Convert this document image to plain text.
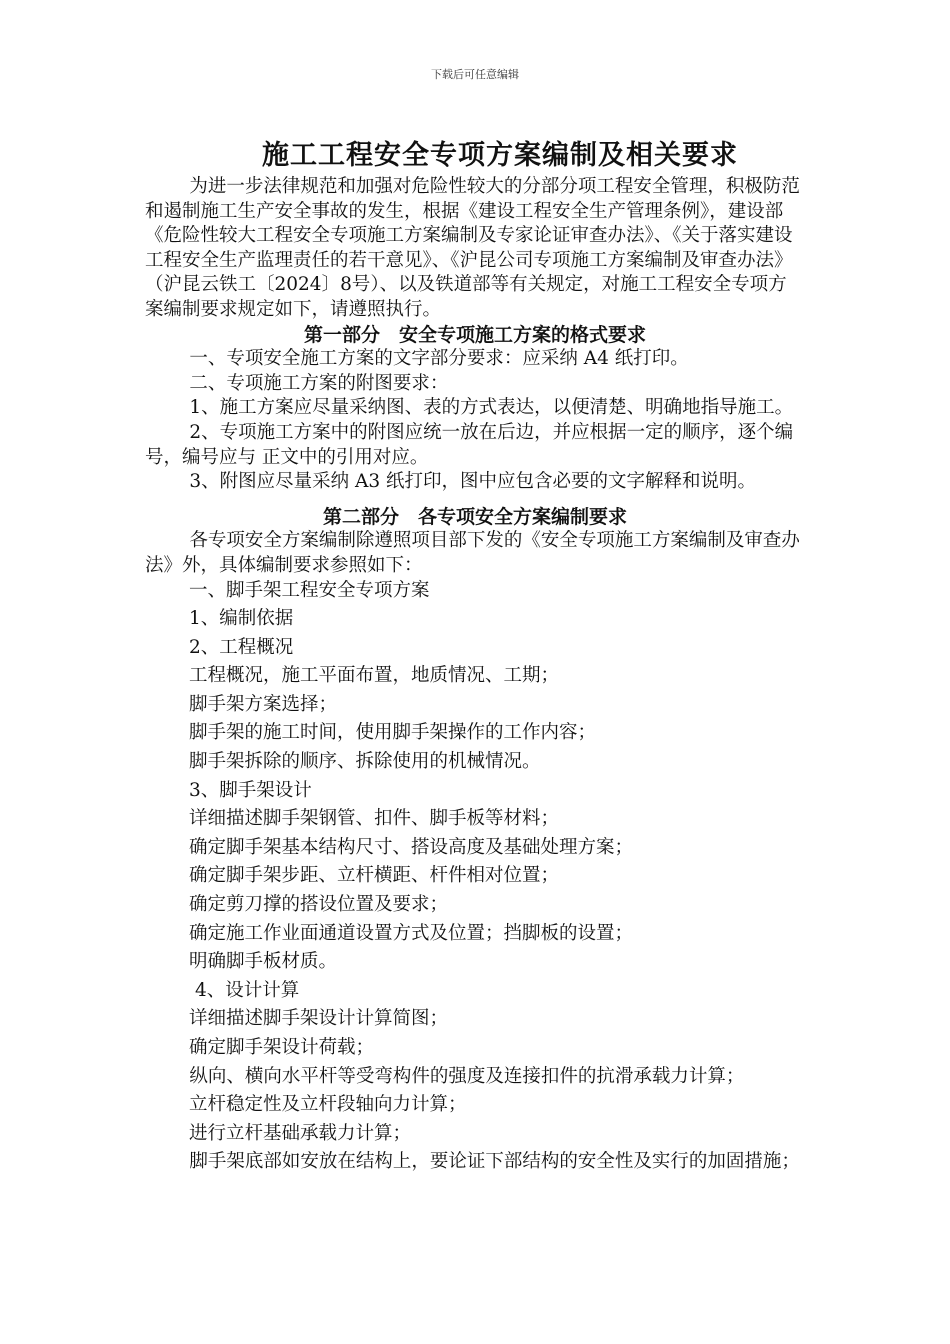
下载后可任意编辑
施工工程安全专项方案编制及相关要求

为进一步法律规范和加强对危险性较大的分部分项工程安全管理，积极防范和遏制施工生产安全事故的发生，根据《建设工程安全生产管理条例》，建设部《危险性较大工程安全专项施工方案编制及专家论证审查办法》、《关于落实建设工程安全生产监理责任的若干意见》、《沪昆公司专项施工方案编制及审查办法》（沪昆云铁工〔2024〕8号）、以及铁道部等有关规定，对施工工程安全专项方案编制要求规定如下，请遵照执行。

第一部分　安全专项施工方案的格式要求

一、专项安全施工方案的文字部分要求：应采纳 A4 纸打印。

二、专项施工方案的附图要求：

1、施工方案应尽量采纳图、表的方式表达，以便清楚、明确地指导施工。

2、专项施工方案中的附图应统一放在后边，并应根据一定的顺序，逐个编号，编号应与 正文中的引用对应。

3、附图应尽量采纳 A3 纸打印，图中应包含必要的文字解释和说明。

第二部分　各专项安全方案编制要求

各专项安全方案编制除遵照项目部下发的《安全专项施工方案编制及审查办法》外，具体编制要求参照如下：

一、脚手架工程安全专项方案

1、编制依据

2、工程概况

工程概况，施工平面布置，地质情况、工期；

脚手架方案选择；

脚手架的施工时间，使用脚手架操作的工作内容；

脚手架拆除的顺序、拆除使用的机械情况。

3、脚手架设计

详细描述脚手架钢管、扣件、脚手板等材料；

确定脚手架基本结构尺寸、搭设高度及基础处理方案；

确定脚手架步距、立杆横距、杆件相对位置；

确定剪刀撑的搭设位置及要求；

确定施工作业面通道设置方式及位置；挡脚板的设置；

明确脚手板材质。

4、设计计算

详细描述脚手架设计计算简图；

确定脚手架设计荷载；

纵向、横向水平杆等受弯构件的强度及连接扣件的抗滑承载力计算；

立杆稳定性及立杆段轴向力计算；

进行立杆基础承载力计算；

脚手架底部如安放在结构上，要论证下部结构的安全性及实行的加固措施；
